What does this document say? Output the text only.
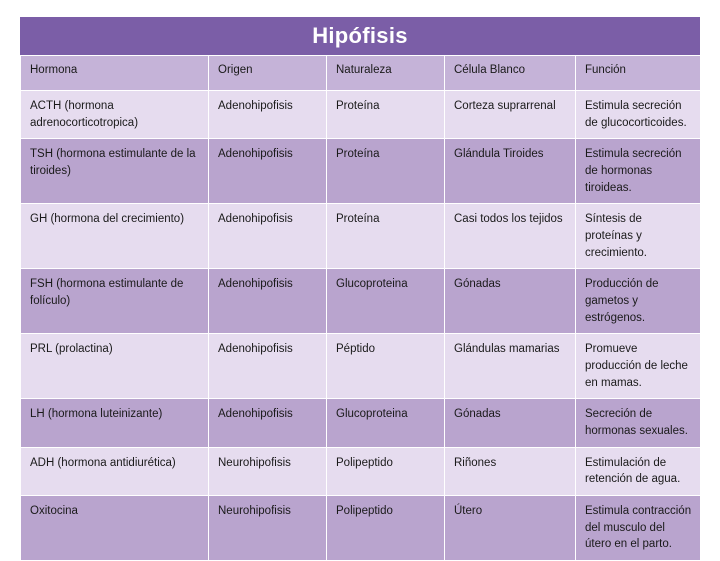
Hipófisis
Hormona	Origen	Naturaleza	Célula Blanco	Función
ACTH (hormona adrenocorticotropica)	Adenohipofisis	Proteína	Corteza suprarrenal	Estimula secreción de glucocorticoides.
TSH (hormona estimulante de la tiroides)	Adenohipofisis	Proteína	Glándula Tiroides	Estimula secreción de hormonas tiroideas.
GH (hormona del crecimiento)	Adenohipofisis	Proteína	Casi todos los tejidos	Síntesis de proteínas y crecimiento.
FSH (hormona estimulante de folículo)	Adenohipofisis	Glucoproteina	Gónadas	Producción de gametos y estrógenos.
PRL (prolactina)	Adenohipofisis	Péptido	Glándulas mamarias	Promueve producción de leche en mamas.
LH (hormona luteinizante)	Adenohipofisis	Glucoproteina	Gónadas	Secreción de hormonas sexuales.
ADH (hormona antidiurética)	Neurohipofisis	Polipeptido	Riñones	Estimulación de retención de agua.
Oxitocina	Neurohipofisis	Polipeptido	Útero	Estimula contracción del musculo del útero en el parto.
